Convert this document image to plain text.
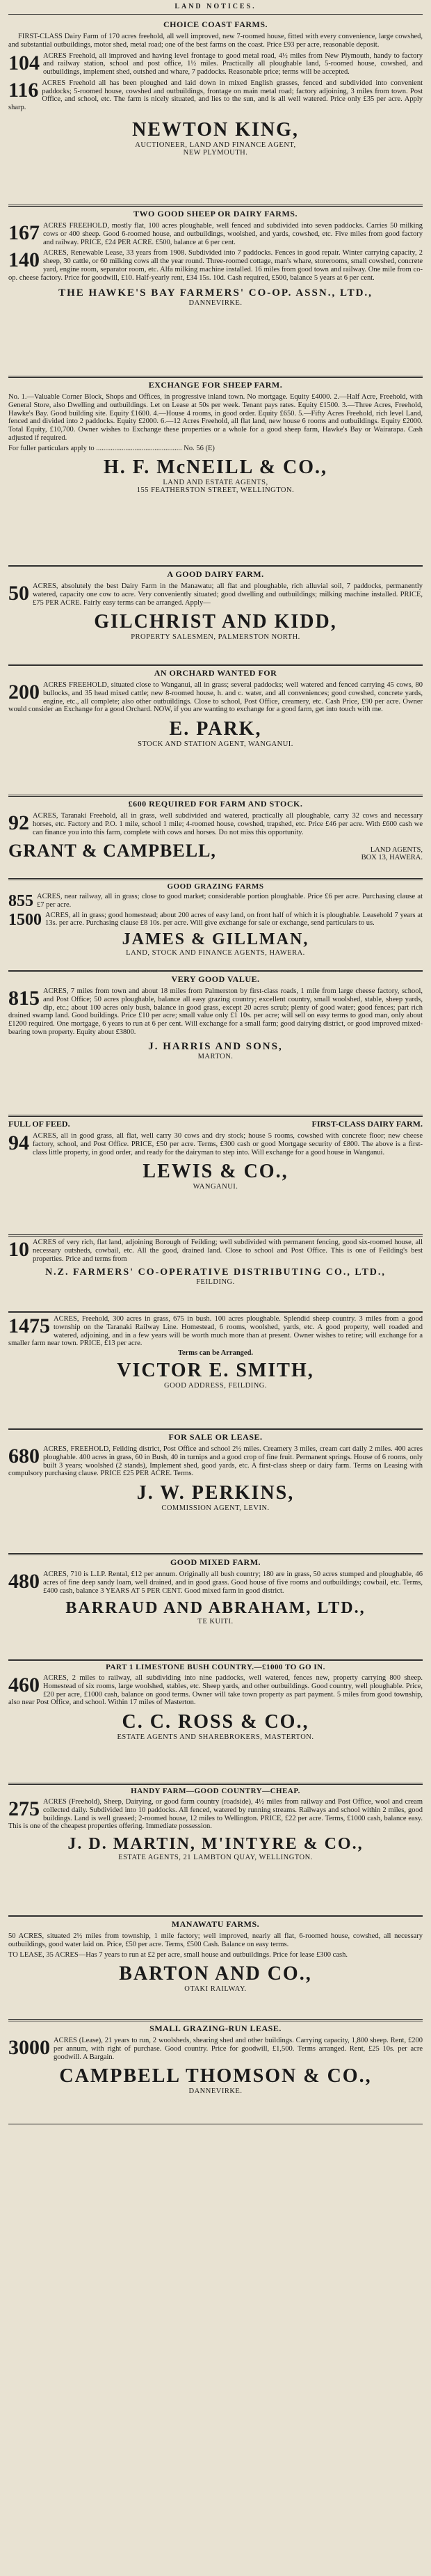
LAND NOTICES.
CHOICE COAST FARMS.

FIRST-CLASS Dairy Farm of 170 acres freehold, all well improved, new 7-roomed house, fitted with every convenience, large cowshed, and substantial outbuildings, motor shed, metal road; one of the best farms on the coast. Price £93 per acre, reasonable deposit.

104 ACRES Freehold, all improved and having level frontage to good metal road, 4½ miles from New Plymouth, handy to factory and railway station, school and post office, 1½ miles. Practically all ploughable land, 5-roomed house, cowshed, and outbuildings, implement shed, outshed and whare, 7 paddocks. Reasonable price; terms will be accepted.

116 ACRES Freehold all has been ploughed and laid down in mixed English grasses, fenced and subdivided into convenient paddocks; 5-roomed house, cowshed and outbuildings, frontage on main metal road; factory adjoining, 3 miles from town. Post Office, and school, etc. The farm is nicely situated, and lies to the sun, and is all well watered. Price only £35 per acre. Apply sharp.

NEWTON KING,
AUCTIONEER, LAND AND FINANCE AGENT,
NEW PLYMOUTH.
TWO GOOD SHEEP OR DAIRY FARMS.

167 ACRES FREEHOLD, mostly flat, 100 acres ploughable, well fenced and subdivided into seven paddocks. Carries 50 milking cows or 400 sheep. Good 6-roomed house, and outbuildings, woolshed, and yards, cowshed, etc. Five miles from good factory and railway. PRICE, £24 PER ACRE. £500, balance at 6 per cent.

140 ACRES, Renewable Lease, 33 years from 1908. Subdivided into 7 paddocks. Fences in good repair. Winter carrying capacity, 2 sheep, 30 cattle, or 60 milking cows all the year round. Three-roomed cottage, man's whare, storerooms, small cowshed, concrete yard, engine room, separator room, etc. Alfa milking machine installed. 16 miles from good town and railway. One mile from co-op. cheese factory. Price for goodwill, £10. Half-yearly rent, £34 15s. 10d. Cash required, £500, balance 5 years at 6 per cent.

THE HAWKE'S BAY FARMERS' CO-OP. ASSN., LTD.,
DANNEVIRKE.
EXCHANGE FOR SHEEP FARM.

No. 1.—Valuable Corner Block, Shops and Offices, in progressive inland town. No mortgage. Equity £4000. 2.—Half Acre, Freehold, with General Store, also Dwelling and outbuildings. Let on Lease at 50s per week. Tenant pays rates. Equity £1500. 3.—Three Acres, Freehold, Hawke's Bay. Good building site. Equity £1600. 4.—House 4 rooms, in good order. Equity £650. 5.—Fifty Acres Freehold, rich level Land, fenced and divided into 2 paddocks. Equity £2000. 6.—12 Acres Freehold, all flat land, new house 6 rooms and outbuildings. Equity £2000. Total Equity, £10,700. Owner wishes to Exchange these properties or a whole for a good sheep farm, Hawke's Bay or Wairarapa. Cash adjusted if required.

For fuller particulars apply to ............................................... No. 56 (E)

H. F. McNEILL & CO.,
LAND AND ESTATE AGENTS,
155 FEATHERSTON STREET, WELLINGTON.
A GOOD DAIRY FARM.

50 ACRES, absolutely the best Dairy Farm in the Manawatu; all flat and ploughable, rich alluvial soil, 7 paddocks, permanently watered, capacity one cow to acre. Very conveniently situated; good dwelling and outbuildings; milking machine installed. PRICE, £75 PER ACRE. Fairly easy terms can be arranged. Apply—

GILCHRIST AND KIDD,
PROPERTY SALESMEN, PALMERSTON NORTH.
AN ORCHARD WANTED FOR

200 ACRES FREEHOLD, situated close to Wanganui, all in grass; several paddocks; well watered and fenced carrying 45 cows, 80 bullocks, and 35 head mixed cattle; new 8-roomed house, h. and c. water, and all conveniences; good cowshed, concrete yards, engine, etc., all complete; also other outbuildings. Close to school, Post Office, creamery, etc. Cash Price, £90 per acre. Owner would consider an Exchange for a good Orchard. NOW, if you are wanting to exchange for a good farm, get into touch with me.

E. PARK,
STOCK AND STATION AGENT, WANGANUI.
£600 REQUIRED FOR FARM AND STOCK.

92 ACRES, Taranaki Freehold, all in grass, well subdivided and watered, practically all ploughable, carry 32 cows and necessary horses, etc. Factory and P.O. 1 mile, school 1 mile; 4-roomed house, cowshed, trapshed, etc. Price £46 per acre. With £600 cash we can finance you into this farm, complete with cows and horses. Do not miss this opportunity.

GRANT & CAMPBELL,	LAND AGENTS,
BOX 13, HAWERA.
GOOD GRAZING FARMS

855 ACRES, near railway, all in grass; close to good market; considerable portion ploughable. Price £6 per acre. Purchasing clause at £7 per acre.

1500 ACRES, all in grass; good homestead; about 200 acres of easy land, on front half of which it is ploughable. Leasehold 7 years at 13s. per acre. Purchasing clause £8 10s. per acre. Will give exchange for sale or exchange, send particulars to us.

JAMES & GILLMAN,
LAND, STOCK AND FINANCE AGENTS, HAWERA.
VERY GOOD VALUE.

815 ACRES, 7 miles from town and about 18 miles from Palmerston by first-class roads, 1 mile from large cheese factory, school, and Post Office; 50 acres ploughable, balance all easy grazing country; excellent country, small woolshed, stable, sheep yards, dip, etc.; about 100 acres only bush, balance in good grass, except 20 acres scrub; plenty of good water; good fences; part rich drained swamp land. Good buildings. Price £10 per acre; small value only £1 10s. per acre; will sell on easy terms to good man, only about £1200 required. One mortgage, 6 years to run at 6 per cent. Will exchange for a small farm; good dairying district, or good improved mixed-bearing town property. Equity about £3800.

J. HARRIS AND SONS,
MARTON.
FULL OF FEED.	FIRST-CLASS DAIRY FARM.

94 ACRES, all in good grass, all flat, well carry 30 cows and dry stock; house 5 rooms, cowshed with concrete floor; new cheese factory, school, and Post Office. PRICE, £50 per acre. Terms, £300 cash or good Mortgage security of £800. The above is a first-class little property, in good order, and ready for the dairyman to step into. Will exchange for a good house in Wanganui.

LEWIS & CO.,
WANGANUI.

10 ACRES of very rich, flat land, adjoining Borough of Feilding; well subdivided with permanent fencing, good six-roomed house, all necessary outsheds, cowbail, etc. All the good, drained land. Close to school and Post Office. This is one of Feilding's best properties. Price and terms from

N.Z. FARMERS' CO-OPERATIVE DISTRIBUTING CO., LTD.,
FEILDING.

1475 ACRES, Freehold, 300 acres in grass, 675 in bush. 100 acres ploughable. Splendid sheep country. 3 miles from a good township on the Taranaki Railway Line. Homestead, 6 rooms, woolshed, yards, etc. A good property, well roaded and watered, adjoining, and in a few years will be worth much more than at present. Owner wishes to retire; will exchange for a smaller farm near town. PRICE, £13 per acre.

Terms can be Arranged.
VICTOR E. SMITH,
GOOD ADDRESS, FEILDING.
FOR SALE OR LEASE.

680 ACRES, FREEHOLD, Feilding district, Post Office and school 2½ miles. Creamery 3 miles, cream cart daily 2 miles. 400 acres ploughable. 400 acres in grass, 60 in Bush, 40 in turnips and a good crop of fine fruit. Permanent springs. House of 6 rooms, only built 3 years; woolshed (2 stands), Implement shed, good yards, etc. A first-class sheep or dairy farm. Terms on Leasing with compulsory purchasing clause. PRICE £25 PER ACRE. Terms.

J. W. PERKINS,
COMMISSION AGENT, LEVIN.
GOOD MIXED FARM.

480 ACRES, 710 is L.I.P. Rental, £12 per annum. Originally all bush country; 180 are in grass, 50 acres stumped and ploughable, 46 acres of fine deep sandy loam, well drained, and in good grass. Good house of five rooms and outbuildings; cowbail, etc. Terms, £400 cash, balance 3 YEARS AT 5 PER CENT. Good mixed farm in good district.

BARRAUD AND ABRAHAM, LTD.,
TE KUITI.
PART 1 LIMESTONE BUSH COUNTRY.—£1000 TO GO IN.

460 ACRES, 2 miles to railway, all subdividing into nine paddocks, well watered, fences new, property carrying 800 sheep. Homestead of six rooms, large woolshed, stables, etc. Sheep yards, and other outbuildings. Good country, well ploughable. Price, £20 per acre, £1000 cash, balance on good terms. Owner will take town property as part payment. 5 miles from good township, also near Post Office, and school. Within 17 miles of Masterton.

C. C. ROSS & CO.,
ESTATE AGENTS AND SHAREBROKERS, MASTERTON.
HANDY FARM—GOOD COUNTRY—CHEAP.

275 ACRES (Freehold), Sheep, Dairying, or good farm country (roadside), 4½ miles from railway and Post Office, wool and cream collected daily. Subdivided into 10 paddocks. All fenced, watered by running streams. Railways and school within 2 miles, good buildings. Land is well grassed; 2-roomed house, 12 miles to Wellington. PRICE, £22 per acre. Terms, £1000 cash, balance easy. This is one of the cheapest properties offering. Immediate possession.

J. D. MARTIN, M'INTYRE & CO.,
ESTATE AGENTS, 21 LAMBTON QUAY, WELLINGTON.
MANAWATU FARMS.

50 ACRES, situated 2½ miles from township, 1 mile factory; well improved, nearly all flat, 6-roomed house, cowshed, all necessary outbuildings, good water laid on. Price, £50 per acre. Terms, £500 Cash. Balance on easy terms.

TO LEASE, 35 ACRES—Has 7 years to run at £2 per acre, small house and outbuildings. Price for lease £300 cash.

BARTON AND CO.,
OTAKI RAILWAY.
SMALL GRAZING-RUN LEASE.

3000 ACRES (Lease), 21 years to run, 2 woolsheds, shearing shed and other buildings. Carrying capacity, 1,800 sheep. Rent, £200 per annum, with right of purchase. Good country. Price for goodwill, £1,500. Terms arranged. Rent, £25 10s. per acre goodwill. A Bargain.

CAMPBELL THOMSON & CO.,
DANNEVIRKE.
